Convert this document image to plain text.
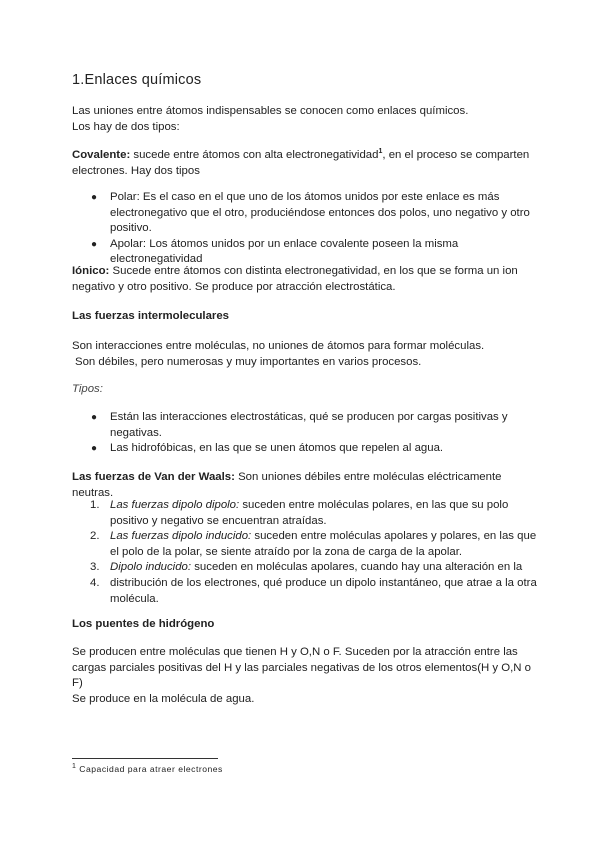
1.Enlaces químicos
Las uniones entre átomos indispensables se conocen como enlaces químicos.
Los hay de dos tipos:
Covalente: sucede entre átomos con alta electronegatividad$^1$, en el proceso se comparten electrones. Hay dos tipos
● Polar: Es el caso en el que uno de los átomos unidos por este enlace es más electronegativo que el otro, produciéndose entonces dos polos, uno negativo y otro positivo.
● Apolar: Los átomos unidos por un enlace covalente poseen la misma electronegatividad
Iónico: Sucede entre átomos con distinta electronegatividad, en los que se forma un ion negativo y otro positivo. Se produce por atracción electrostática.
Las fuerzas intermoleculares
Son interacciones entre moléculas, no uniones de átomos para formar moléculas.
Son débiles, pero numerosas y muy importantes en varios procesos.
Tipos:
● Están las interacciones electrostáticas, qué se producen por cargas positivas y negativas.
● Las hidrofóbicas, en las que se unen átomos que repelen al agua.
Las fuerzas de Van der Waals: Son uniones débiles entre moléculas eléctricamente neutras.
1. Las fuerzas dipolo dipolo: suceden entre moléculas polares, en las que su polo positivo y negativo se encuentran atraídas.
2. Las fuerzas dipolo inducido: suceden entre moléculas apolares y polares, en las que el polo de la polar, se siente atraído por la zona de carga de la apolar.
3. Dipolo inducido: suceden en moléculas apolares, cuando hay una alteración en la
4. distribución de los electrones, qué produce un dipolo instantáneo, que atrae a la otra molécula.
Los puentes de hidrógeno
Se producen entre moléculas que tienen H y O,N o F. Suceden por la atracción entre las cargas parciales positivas del H y las parciales negativas de los otros elementos(H y O,N o F)
Se produce en la molécula de agua.
$^1$ Capacidad para atraer electrones
